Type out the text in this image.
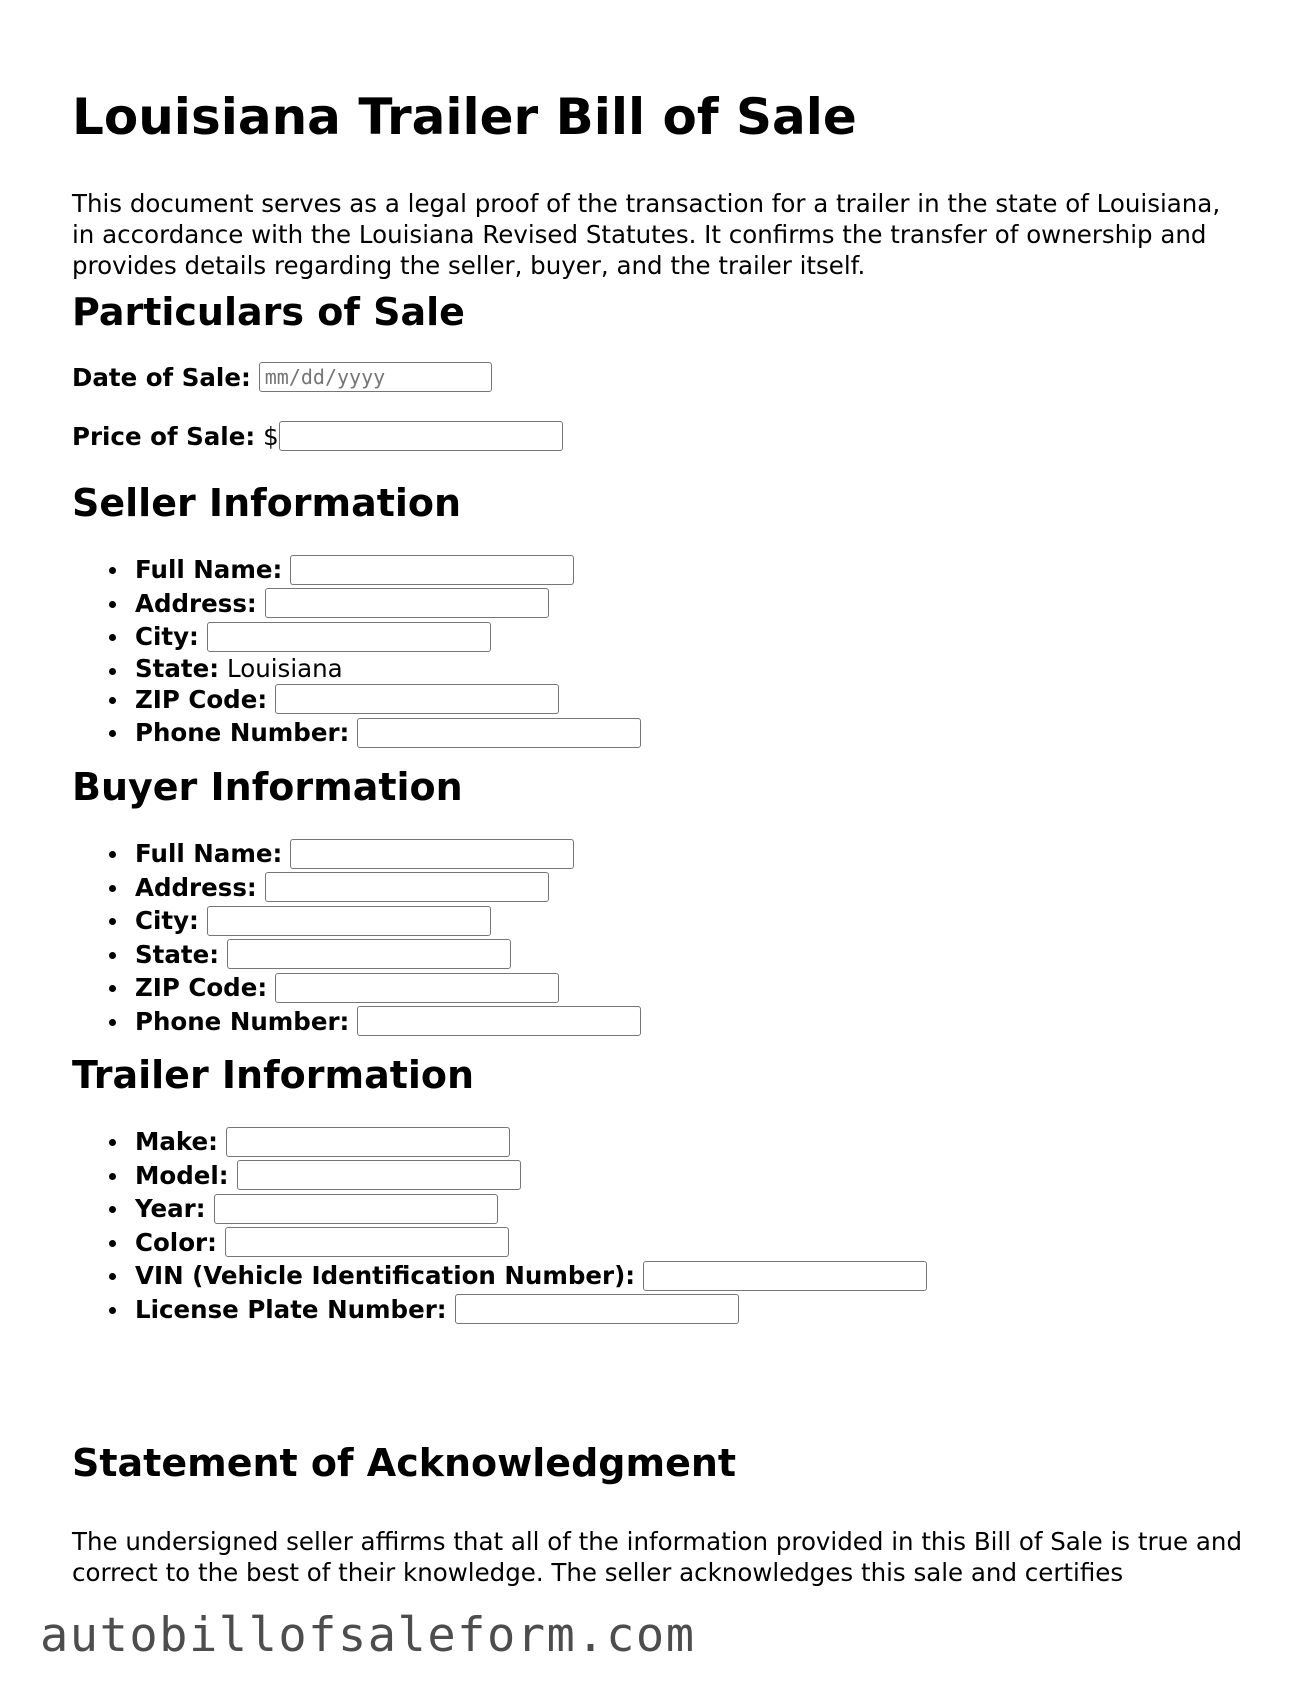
Louisiana Trailer Bill of Sale

This document serves as a legal proof of the transaction for a trailer in the state of Louisiana, in accordance with the Louisiana Revised Statutes. It confirms the transfer of ownership and provides details regarding the seller, buyer, and the trailer itself.

Particulars of Sale
Date of Sale:
mm/dd/yyyy
Price of Sale: $
Seller Information
Full Name:
Address:
City:
State: Louisiana
ZIP Code:
Phone Number:
Buyer Information
Full Name:
Address:
City:
State:
ZIP Code:
Phone Number:
Trailer Information
Make:
Model:
Year:
Color:
VIN (Vehicle Identification Number):
License Plate Number:
Statement of Acknowledgment

The undersigned seller affirms that all of the information provided in this Bill of Sale is true and correct to the best of their knowledge. The seller acknowledges this sale and certifies

autobillofsaleform.com
